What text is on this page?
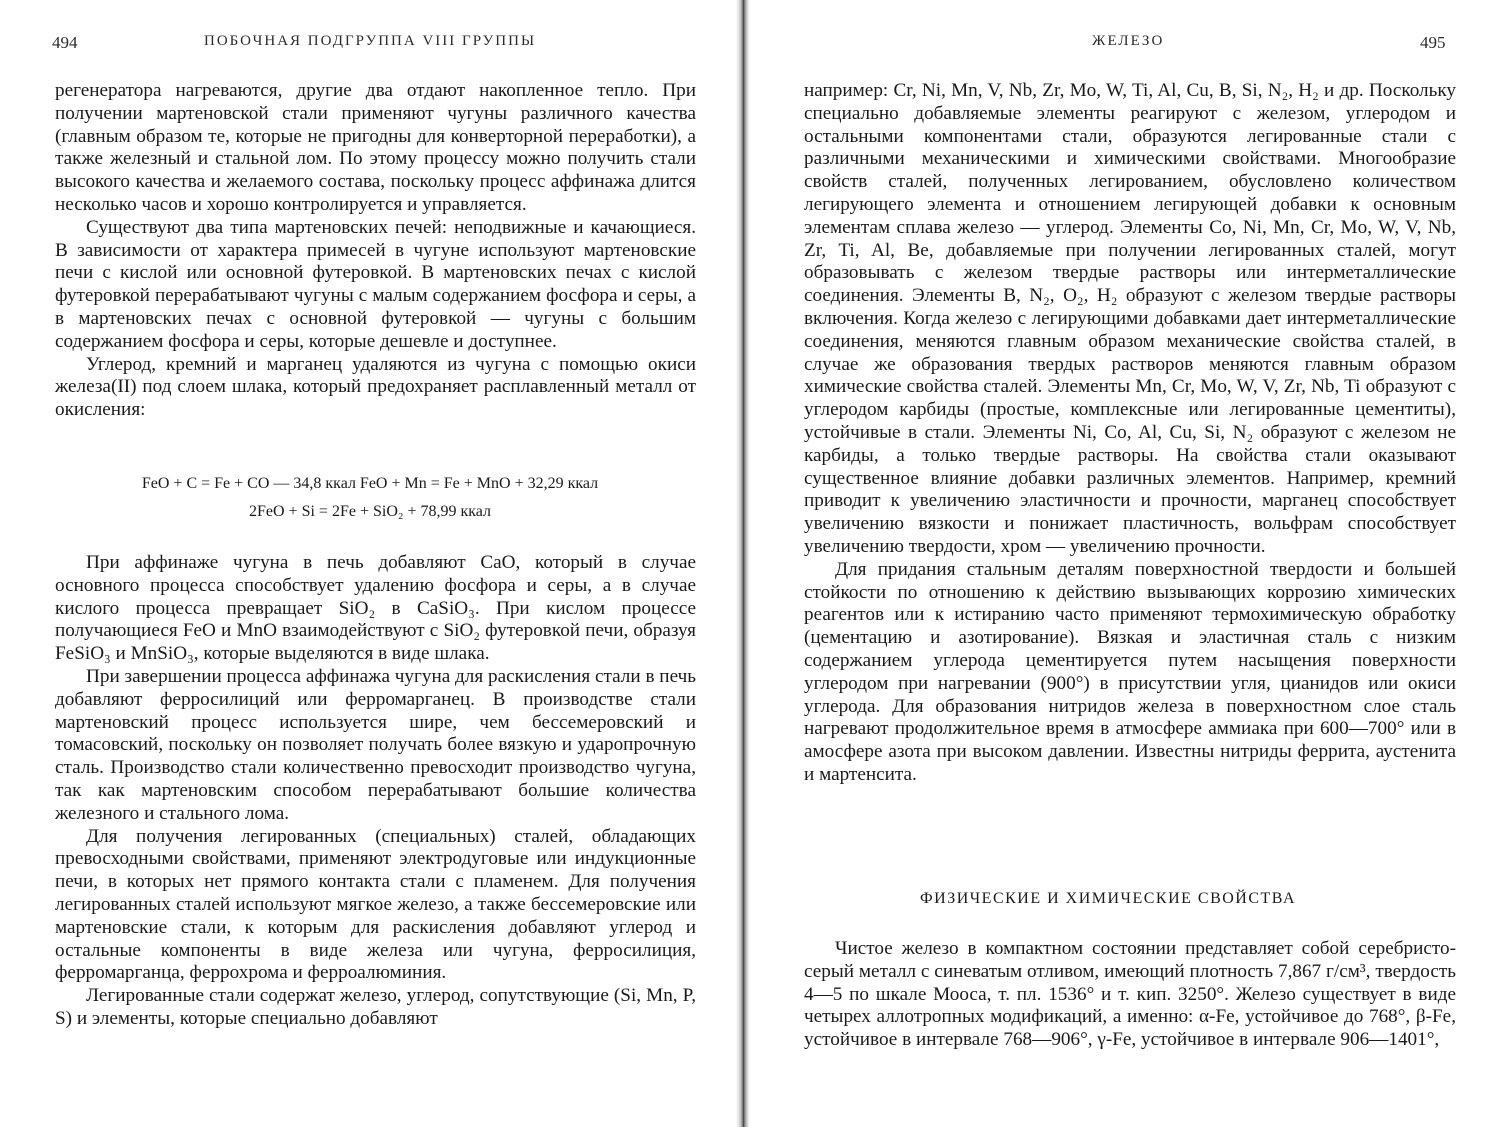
494	ПОБОЧНАЯ ПОДГРУППА VIII ГРУППЫ

регенератора нагреваются, другие два отдают накопленное тепло. При получении мартеновской стали применяют чугуны различного качества (главным образом те, которые не пригодны для конверторной переработки), а также железный и стальной лом. По этому процессу можно получить стали высокого качества и желаемого состава, поскольку процесс аффинажа длится несколько часов и хорошо контролируется и управляется.

Существуют два типа мартеновских печей: неподвижные и качающиеся. В зависимости от характера примесей в чугуне используют мартеновские печи с кислой или основной футеровкой. В мартеновских печах с кислой футеровкой перерабатывают чугуны с малым содержанием фосфора и серы, а в мартеновских печах с основной футеровкой — чугуны с большим содержанием фосфора и серы, которые дешевле и доступнее.

Углерод, кремний и марганец удаляются из чугуна с помощью окиси железа(II) под слоем шлака, который предохраняет расплавленный металл от окисления:

FeO + C = Fe + CO — 34,8 ккал FeO + Mn = Fe + MnO + 32,29 ккал
2FeO + Si = 2Fe + SiO₂ + 78,99 ккал

При аффинаже чугуна в печь добавляют CaO, который в случае основного процесса способствует удалению фосфора и серы, а в случае кислого процесса превращает SiO₂ в CaSiO₃. При кислом процессе получающиеся FeO и MnO взаимодействуют с SiO₂ футеровкой печи, образуя FeSiO₃ и MnSiO₃, которые выделяются в виде шлака.

При завершении процесса аффинажа чугуна для раскисления стали в печь добавляют ферросилиций или ферромарганец. В производстве стали мартеновский процесс используется шире, чем бессемеровский и томасовский, поскольку он позволяет получать более вязкую и ударопрочную сталь. Производство стали количественно превосходит производство чугуна, так как мартеновским способом перерабатывают большие количества железного и стального лома.

Для получения легированных (специальных) сталей, обладающих превосходными свойствами, применяют электродуговые или индукционные печи, в которых нет прямого контакта стали с пламенем. Для получения легированных сталей используют мягкое железо, а также бессемеровские или мартеновские стали, к которым для раскисления добавляют углерод и остальные компоненты в виде железа или чугуна, ферросилиция, ферромарганца, феррохрома и ферроалюминия.

Легированные стали содержат железо, углерод, сопутствующие (Si, Mn, P, S) и элементы, которые специально добавляют

ЖЕЛЕЗО	495

например: Cr, Ni, Mn, V, Nb, Zr, Mo, W, Ti, Al, Cu, B, Si, N₂, H₂ и др. Поскольку специально добавляемые элементы реагируют с железом, углеродом и остальными компонентами стали, образуются легированные стали с различными механическими и химическими свойствами. Многообразие свойств сталей, полученных легированием, обусловлено количеством легирующего элемента и отношением легирующей добавки к основным элементам сплава железо — углерод. Элементы Co, Ni, Mn, Cr, Mo, W, V, Nb, Zr, Ti, Al, Be, добавляемые при получении легированных сталей, могут образовывать с железом твердые растворы или интерметаллические соединения. Элементы B, N₂, O₂, H₂ образуют с железом твердые растворы включения. Когда железо с легирующими добавками дает интерметаллические соединения, меняются главным образом механические свойства сталей, в случае же образования твердых растворов меняются главным образом химические свойства сталей. Элементы Mn, Cr, Mo, W, V, Zr, Nb, Ti образуют с углеродом карбиды (простые, комплексные или легированные цементиты), устойчивые в стали. Элементы Ni, Co, Al, Cu, Si, N₂ образуют с железом не карбиды, а только твердые растворы. На свойства стали оказывают существенное влияние добавки различных элементов. Например, кремний приводит к увеличению эластичности и прочности, марганец способствует увеличению вязкости и понижает пластичность, вольфрам способствует увеличению твердости, хром — увеличению прочности.

Для придания стальным деталям поверхностной твердости и большей стойкости по отношению к действию вызывающих коррозию химических реагентов или к истиранию часто применяют термохимическую обработку (цементацию и азотирование). Вязкая и эластичная сталь с низким содержанием углерода цементируется путем насыщения поверхности углеродом при нагревании (900°) в присутствии угля, цианидов или окиси углерода. Для образования нитридов железа в поверхностном слое сталь нагревают продолжительное время в атмосфере аммиака при 600—700° или в амосфере азота при высоком давлении. Известны нитриды феррита, аустенита и мартенсита.

ФИЗИЧЕСКИЕ И ХИМИЧЕСКИЕ СВОЙСТВА

Чистое железо в компактном состоянии представляет собой серебристо-серый металл с синеватым отливом, имеющий плотность 7,867 г/см³, твердость 4—5 по шкале Мооса, т. пл. 1536° и т. кип. 3250°. Железо существует в виде четырех аллотропных модификаций, а именно: α-Fe, устойчивое до 768°, β-Fe, устойчивое в интервале 768—906°, γ-Fe, устойчивое в интервале 906—1401°,
